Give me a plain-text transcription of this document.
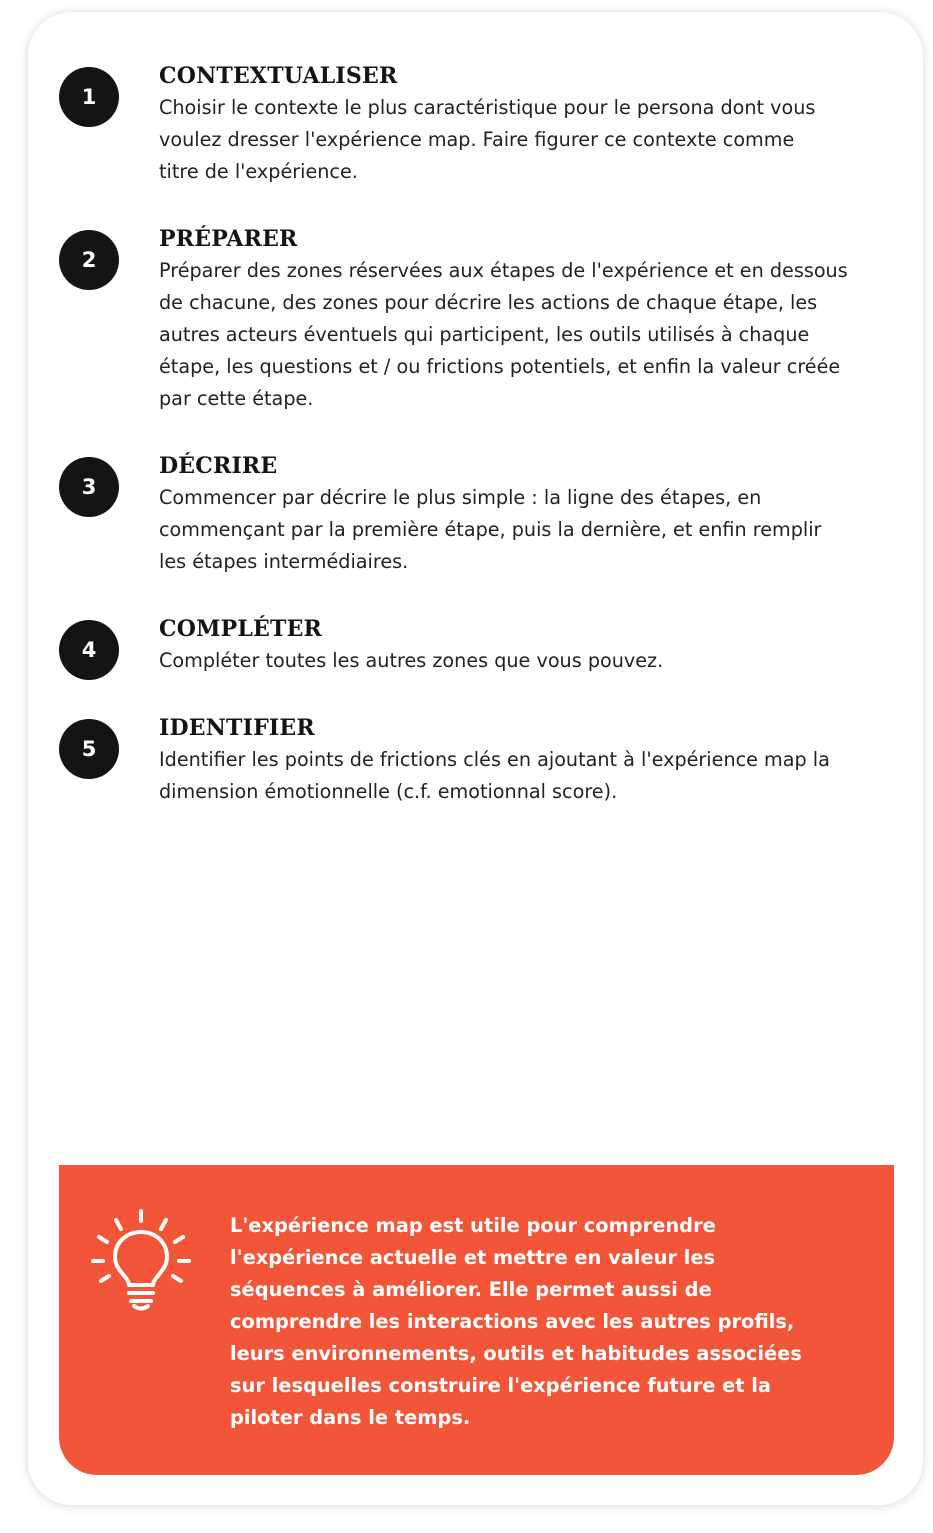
1
CONTEXTUALISER

Choisir le contexte le plus caractéristique pour le persona dont vous voulez dresser l'expérience map. Faire figurer ce contexte comme titre de l'expérience.

2
PRÉPARER

Préparer des zones réservées aux étapes de l'expérience et en dessous de chacune, des zones pour décrire les actions de chaque étape, les autres acteurs éventuels qui participent, les outils utilisés à chaque étape, les questions et / ou frictions potentiels, et enfin la valeur créée par cette étape.

3
DÉCRIRE

Commencer par décrire le plus simple : la ligne des étapes, en commençant par la première étape, puis la dernière, et enfin remplir les étapes intermédiaires.

4
COMPLÉTER

Compléter toutes les autres zones que vous pouvez.

5
IDENTIFIER

Identifier les points de frictions clés en ajoutant à l'expérience map la dimension émotionnelle (c.f. emotionnal score).

L'expérience map est utile pour comprendre
l'expérience actuelle et mettre en valeur les
séquences à améliorer. Elle permet aussi de
comprendre les interactions avec les autres profils,
leurs environnements, outils et habitudes associées
sur lesquelles construire l'expérience future et la
piloter dans le temps.
